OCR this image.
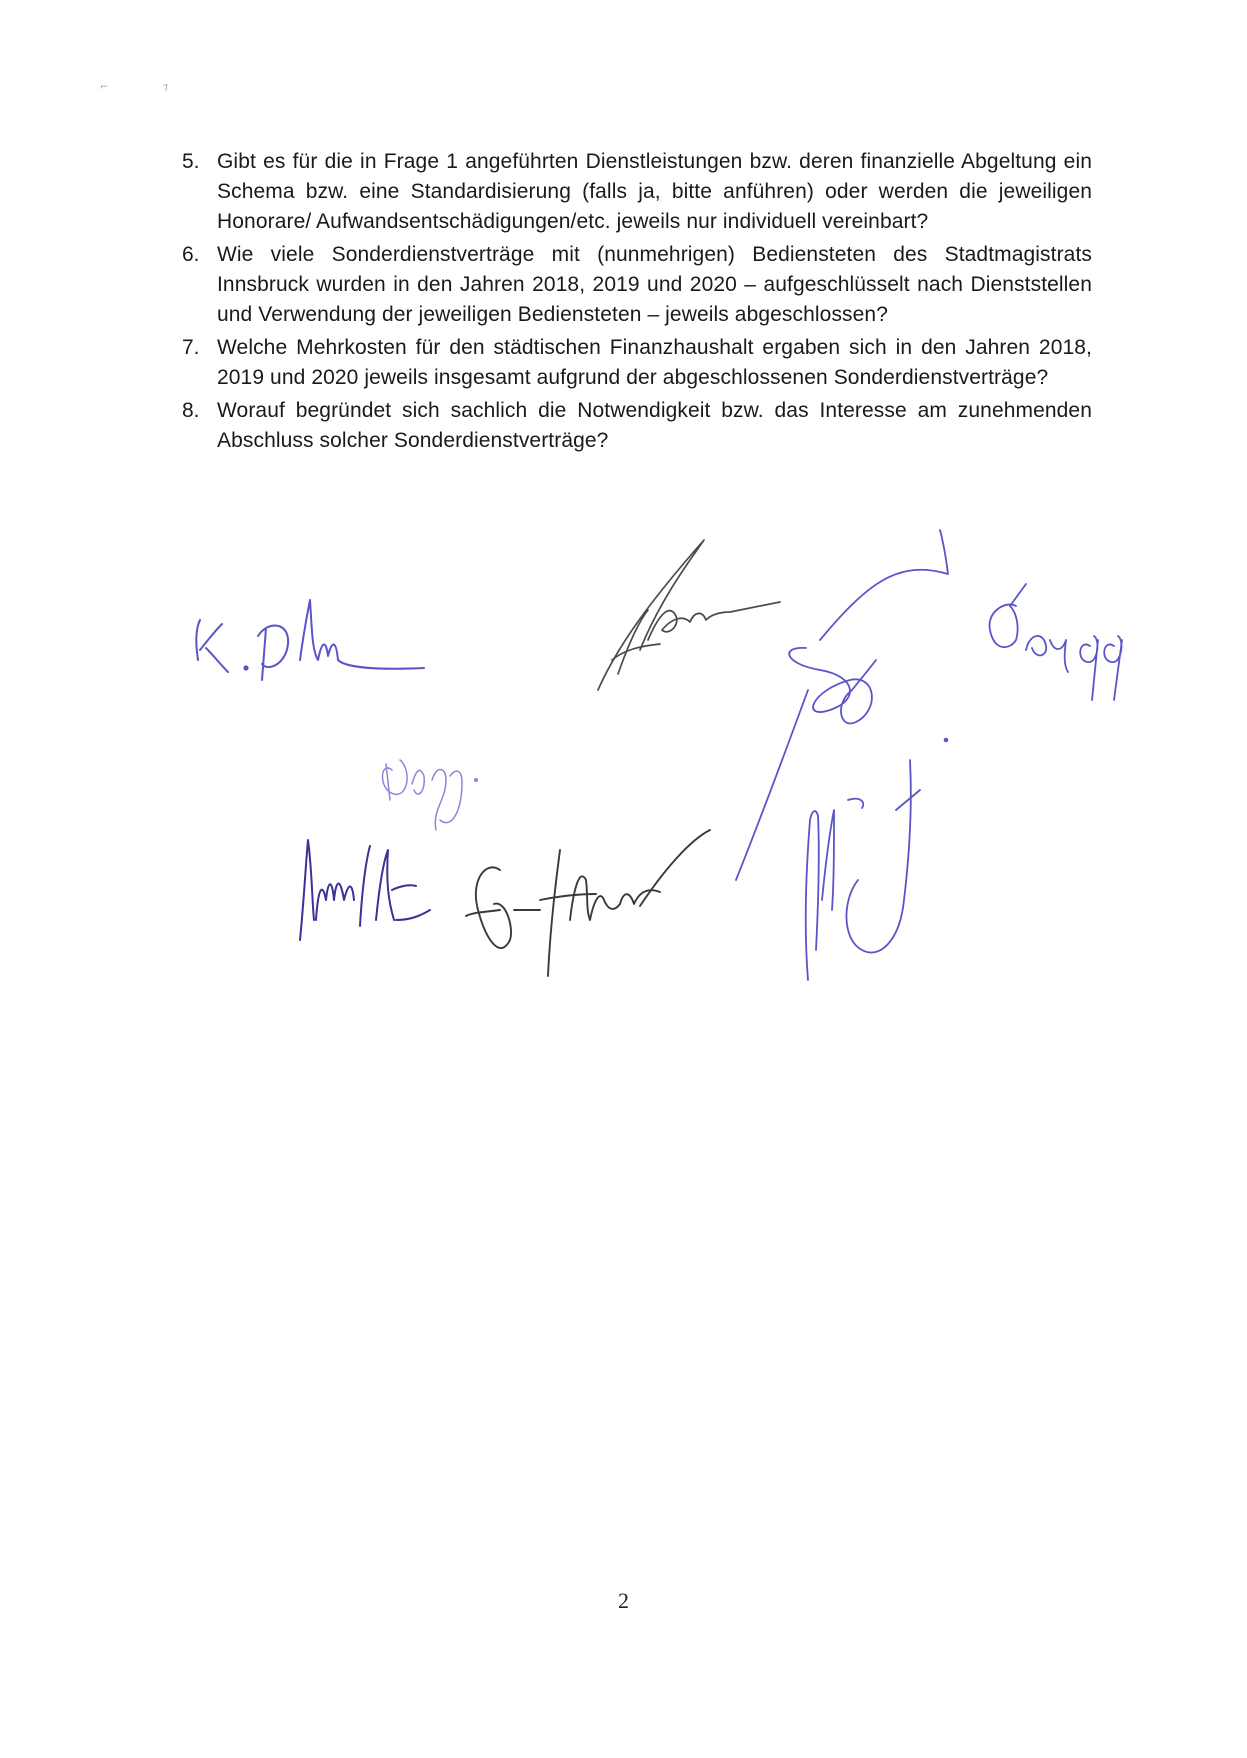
⌐	⁊
5. Gibt es für die in Frage 1 angeführten Dienstleistungen bzw. deren finanzielle Abgeltung ein Schema bzw. eine Standardisierung (falls ja, bitte anführen) oder werden die jeweiligen Honorare/ Aufwandsentschädigungen/etc. jeweils nur individuell vereinbart?
6. Wie viele Sonderdienstverträge mit (nunmehrigen) Bediensteten des Stadtmagistrats Innsbruck wurden in den Jahren 2018, 2019 und 2020 – aufgeschlüsselt nach Dienststellen und Verwendung der jeweiligen Bediensteten – jeweils abgeschlossen?
7. Welche Mehrkosten für den städtischen Finanzhaushalt ergaben sich in den Jahren 2018, 2019 und 2020 jeweils insgesamt aufgrund der abgeschlossenen Sonderdienstverträge?
8. Worauf begründet sich sachlich die Notwendigkeit bzw. das Interesse am zunehmenden Abschluss solcher Sonderdienstverträge?
2
